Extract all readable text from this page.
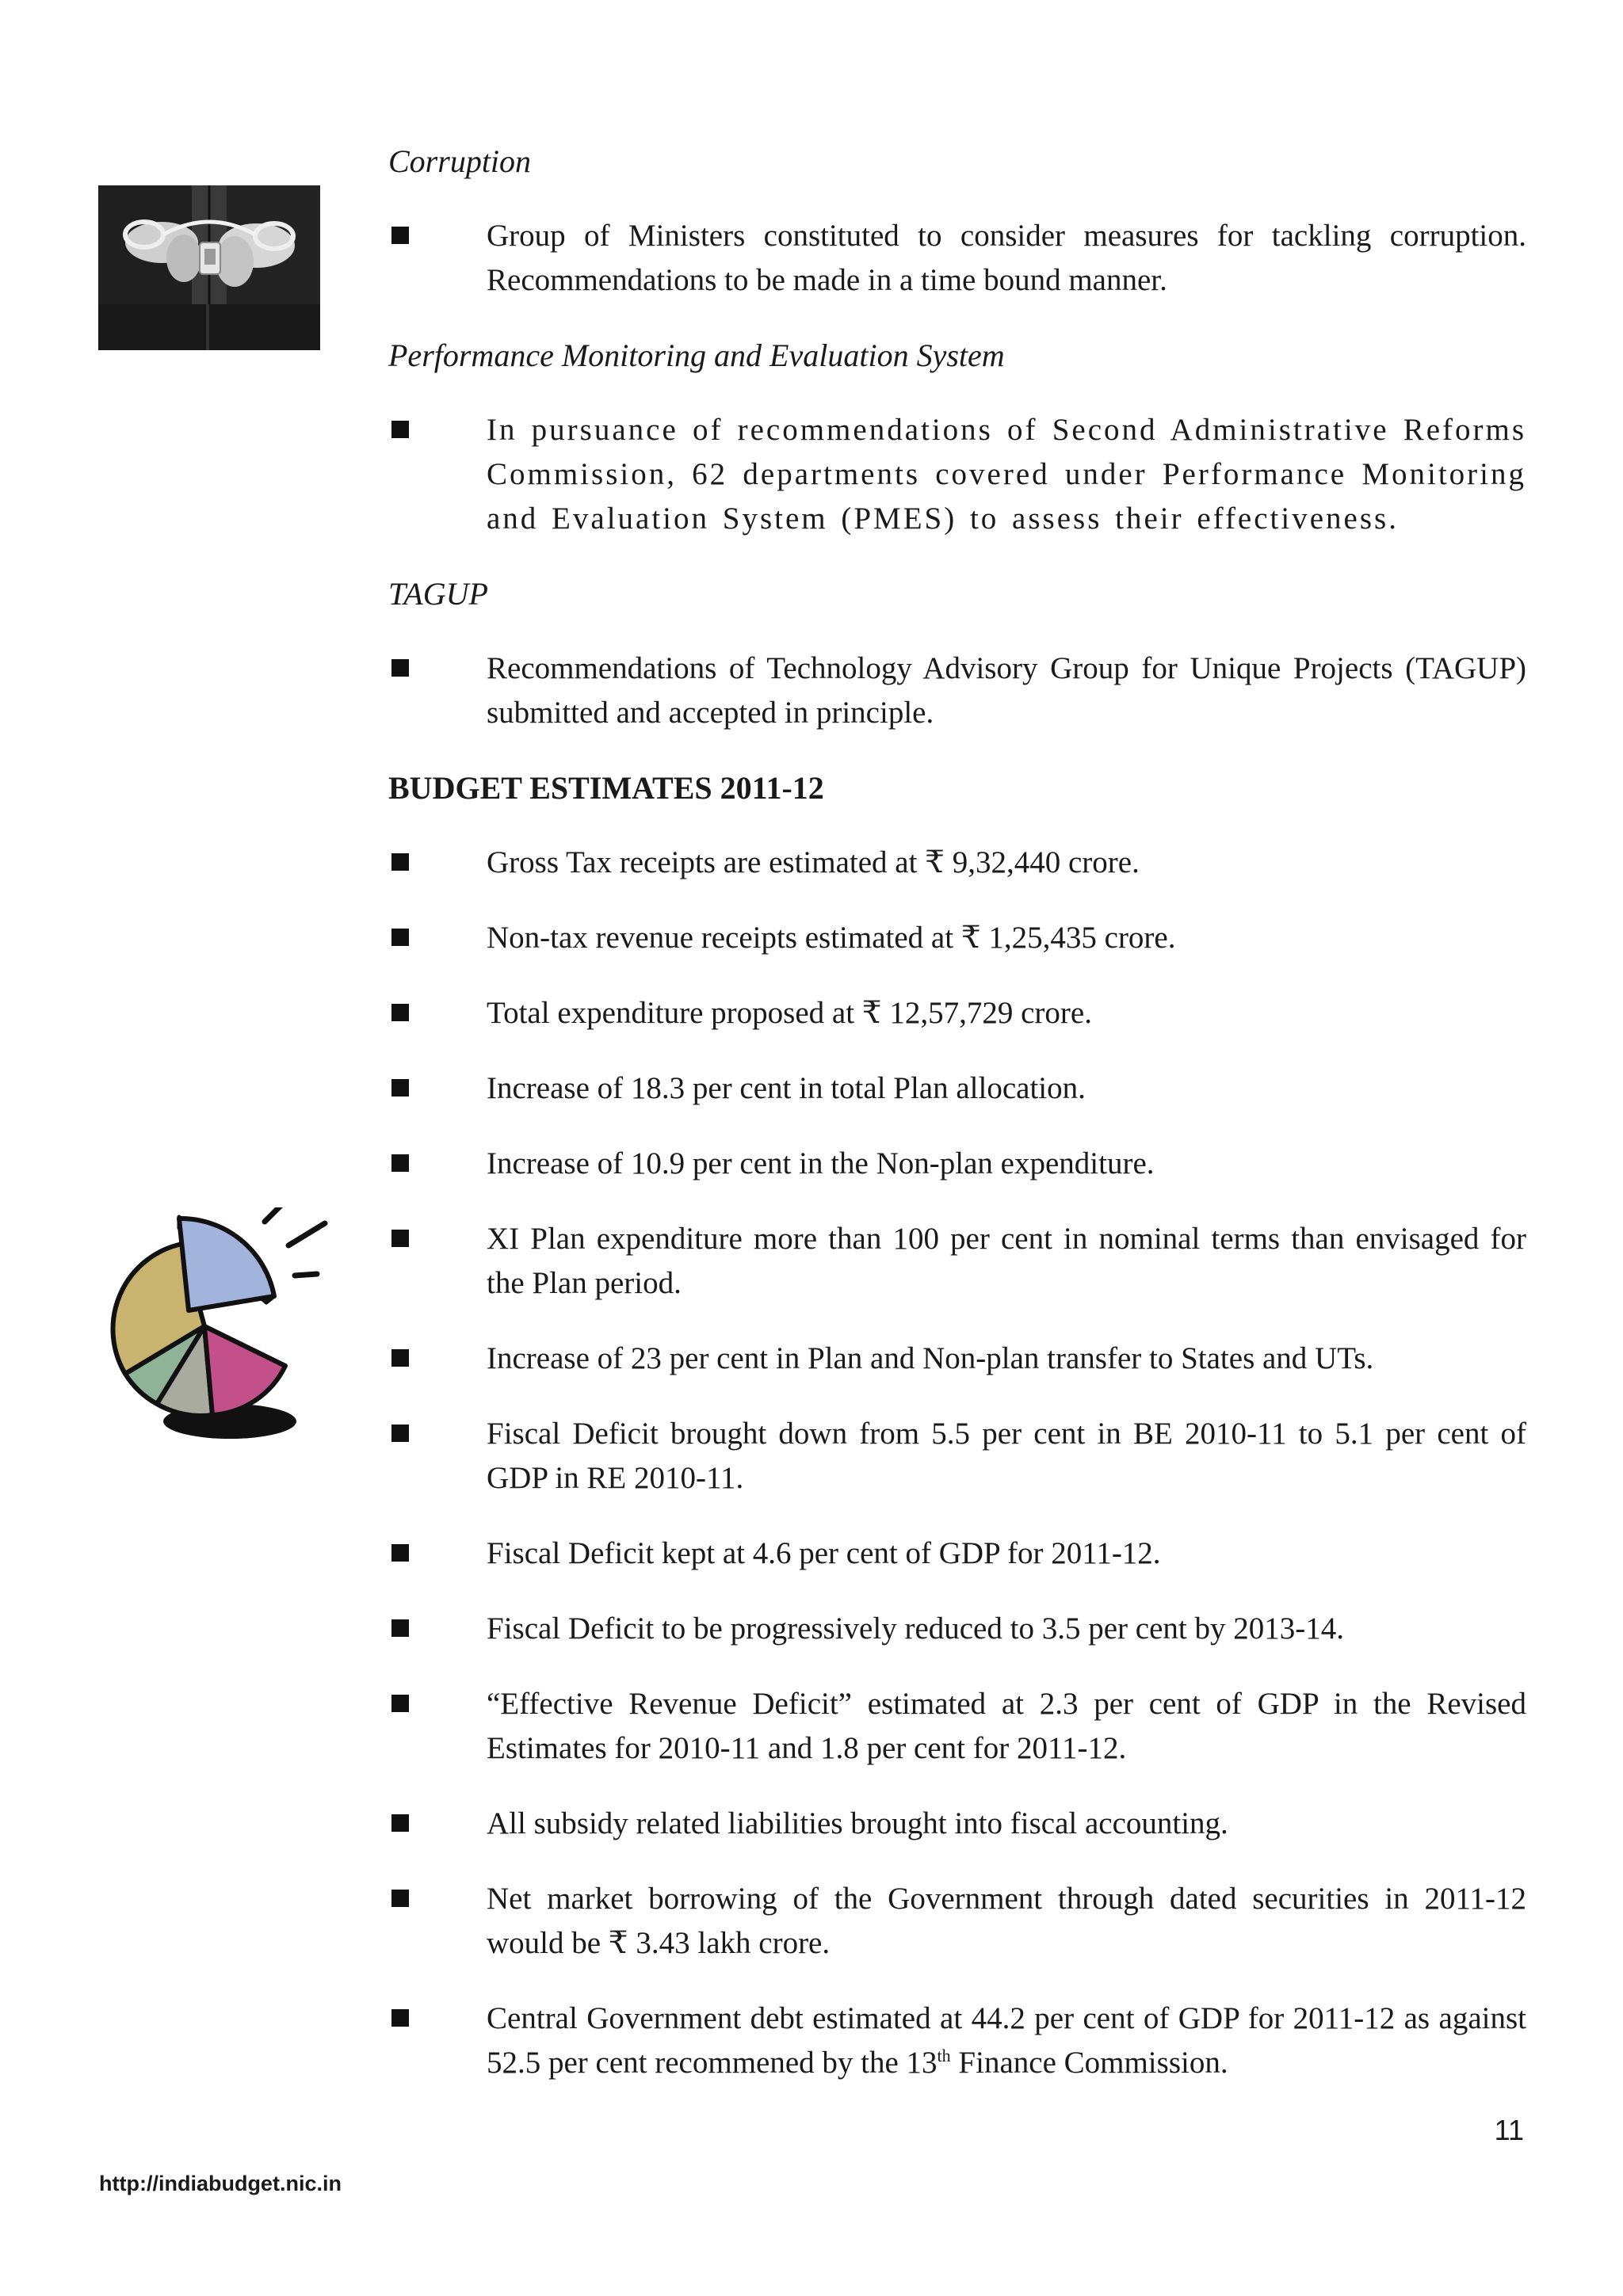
Corruption

Group of Ministers constituted to consider measures for tackling corruption. Recommendations to be made in a time bound manner.

Performance Monitoring and Evaluation System

In pursuance of recommendations of Second Administrative Reforms Commission, 62 departments covered under Performance Monitoring and Evaluation System (PMES) to assess their effectiveness.

TAGUP

Recommendations of Technology Advisory Group for Unique Projects (TAGUP) submitted and accepted in principle.

BUDGET ESTIMATES 2011-12

Gross Tax receipts are estimated at ₹ 9,32,440 crore.

Non-tax revenue receipts estimated at ₹ 1,25,435 crore.

Total expenditure proposed at ₹ 12,57,729 crore.

Increase of 18.3 per cent in total Plan allocation.

Increase of 10.9 per cent in the Non-plan expenditure.

XI Plan expenditure more than 100 per cent in nominal terms than envisaged for the Plan period.

Increase of 23 per cent in Plan and Non-plan transfer to States and UTs.

Fiscal Deficit brought down from 5.5 per cent in BE 2010-11 to 5.1 per cent of GDP in RE 2010-11.

Fiscal Deficit kept at 4.6 per cent of GDP for 2011-12.

Fiscal Deficit to be progressively reduced to 3.5 per cent by 2013-14.

“Effective Revenue Deficit” estimated at 2.3 per cent of GDP in the Revised Estimates for 2010-11 and 1.8 per cent for 2011-12.

All subsidy related liabilities brought into fiscal accounting.

Net market borrowing of the Government through dated securities in 2011-12 would be ₹ 3.43 lakh crore.

Central Government debt estimated at 44.2 per cent of GDP for 2011-12 as against 52.5 per cent recommened by the 13th Finance Commission.

11
http://indiabudget.nic.in
